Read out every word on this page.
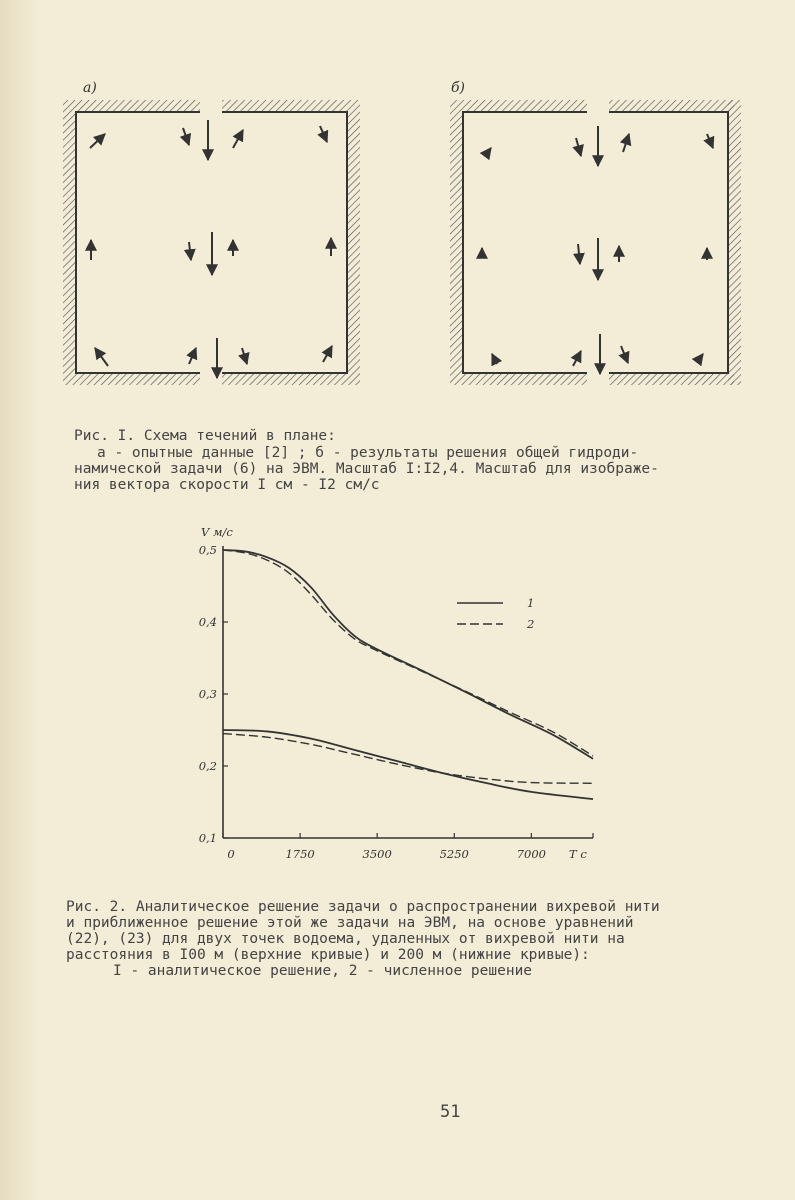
а)	б)
Рис. I. Схема течений в плане:
а - опытные данные [2] ; б - результаты решения общей гидроди-
намической задачи (6) на ЭВМ. Масштаб I:I2,4. Масштаб для изображе-
ния вектора скорости I см - I2 см/с
V м/с
Т с
0,1
0,2
0,3
0,4
0,5
0	1750	3500	5250	7000
1
2
Рис. 2. Аналитическое решение задачи о распространении вихревой нити
и приближенное решение этой же задачи на ЭВМ, на основе уравнений
(22), (23) для двух точек водоема, удаленных от вихревой нити на
расстояния в I00 м (верхние кривые) и 200 м (нижние кривые):
I - аналитическое решение, 2 - численное решение
51
